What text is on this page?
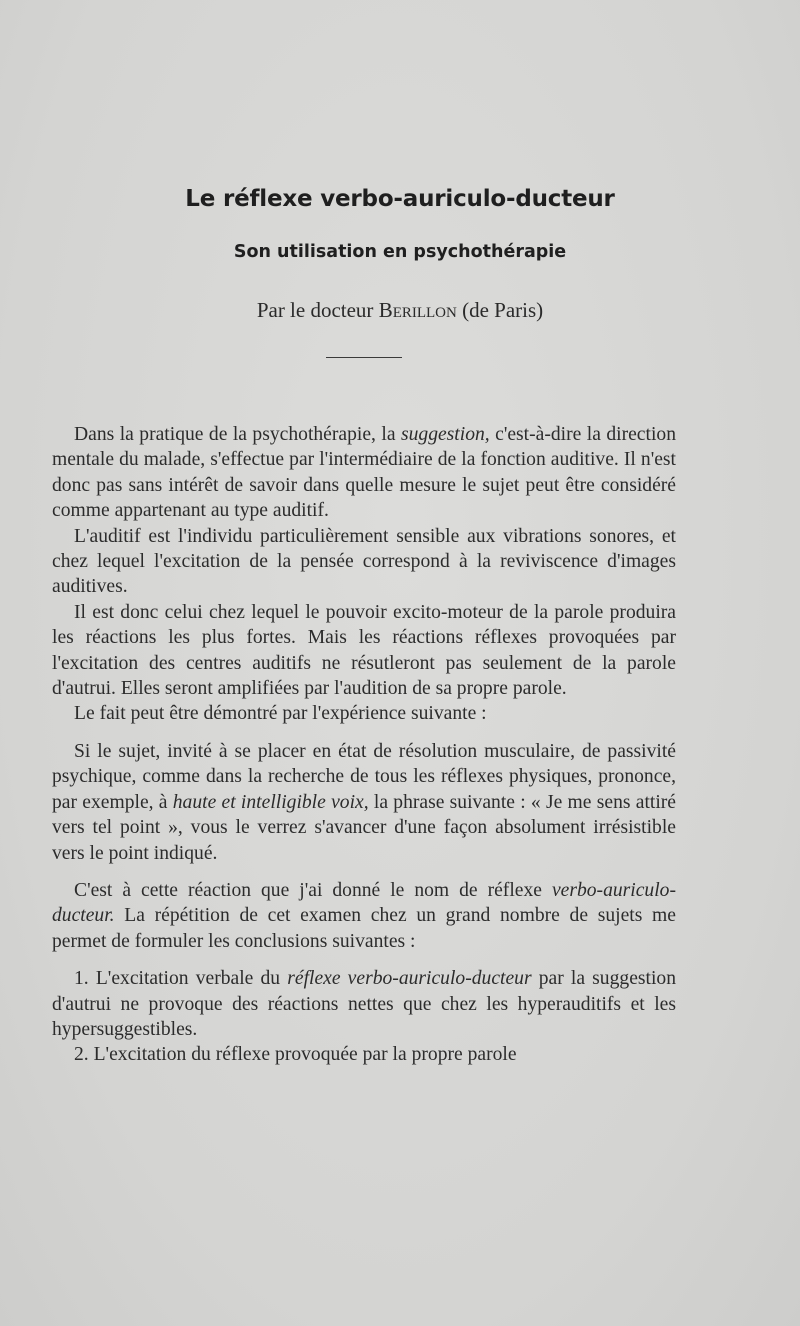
Le réflexe verbo-auriculo-ducteur
Son utilisation en psychothérapie
Par le docteur Berillon (de Paris)

Dans la pratique de la psychothérapie, la suggestion, c'est-à-dire la direction mentale du malade, s'effectue par l'intermédiaire de la fonction auditive. Il n'est donc pas sans intérêt de savoir dans quelle mesure le sujet peut être considéré comme appartenant au type auditif.

L'auditif est l'individu particulièrement sensible aux vibrations sonores, et chez lequel l'excitation de la pensée correspond à la reviviscence d'images auditives.

Il est donc celui chez lequel le pouvoir excito-moteur de la parole produira les réactions les plus fortes. Mais les réactions réflexes provoquées par l'excitation des centres auditifs ne résutleront pas seulement de la parole d'autrui. Elles seront amplifiées par l'audition de sa propre parole.

Le fait peut être démontré par l'expérience suivante :

Si le sujet, invité à se placer en état de résolution musculaire, de passivité psychique, comme dans la recherche de tous les réflexes physiques, prononce, par exemple, à haute et intelligible voix, la phrase suivante : « Je me sens attiré vers tel point », vous le verrez s'avancer d'une façon absolument irrésistible vers le point indiqué.

C'est à cette réaction que j'ai donné le nom de réflexe verbo-auriculo-ducteur. La répétition de cet examen chez un grand nombre de sujets me permet de formuler les conclusions suivantes :

1. L'excitation verbale du réflexe verbo-auriculo-ducteur par la suggestion d'autrui ne provoque des réactions nettes que chez les hyperauditifs et les hypersuggestibles.

2. L'excitation du réflexe provoquée par la propre parole
